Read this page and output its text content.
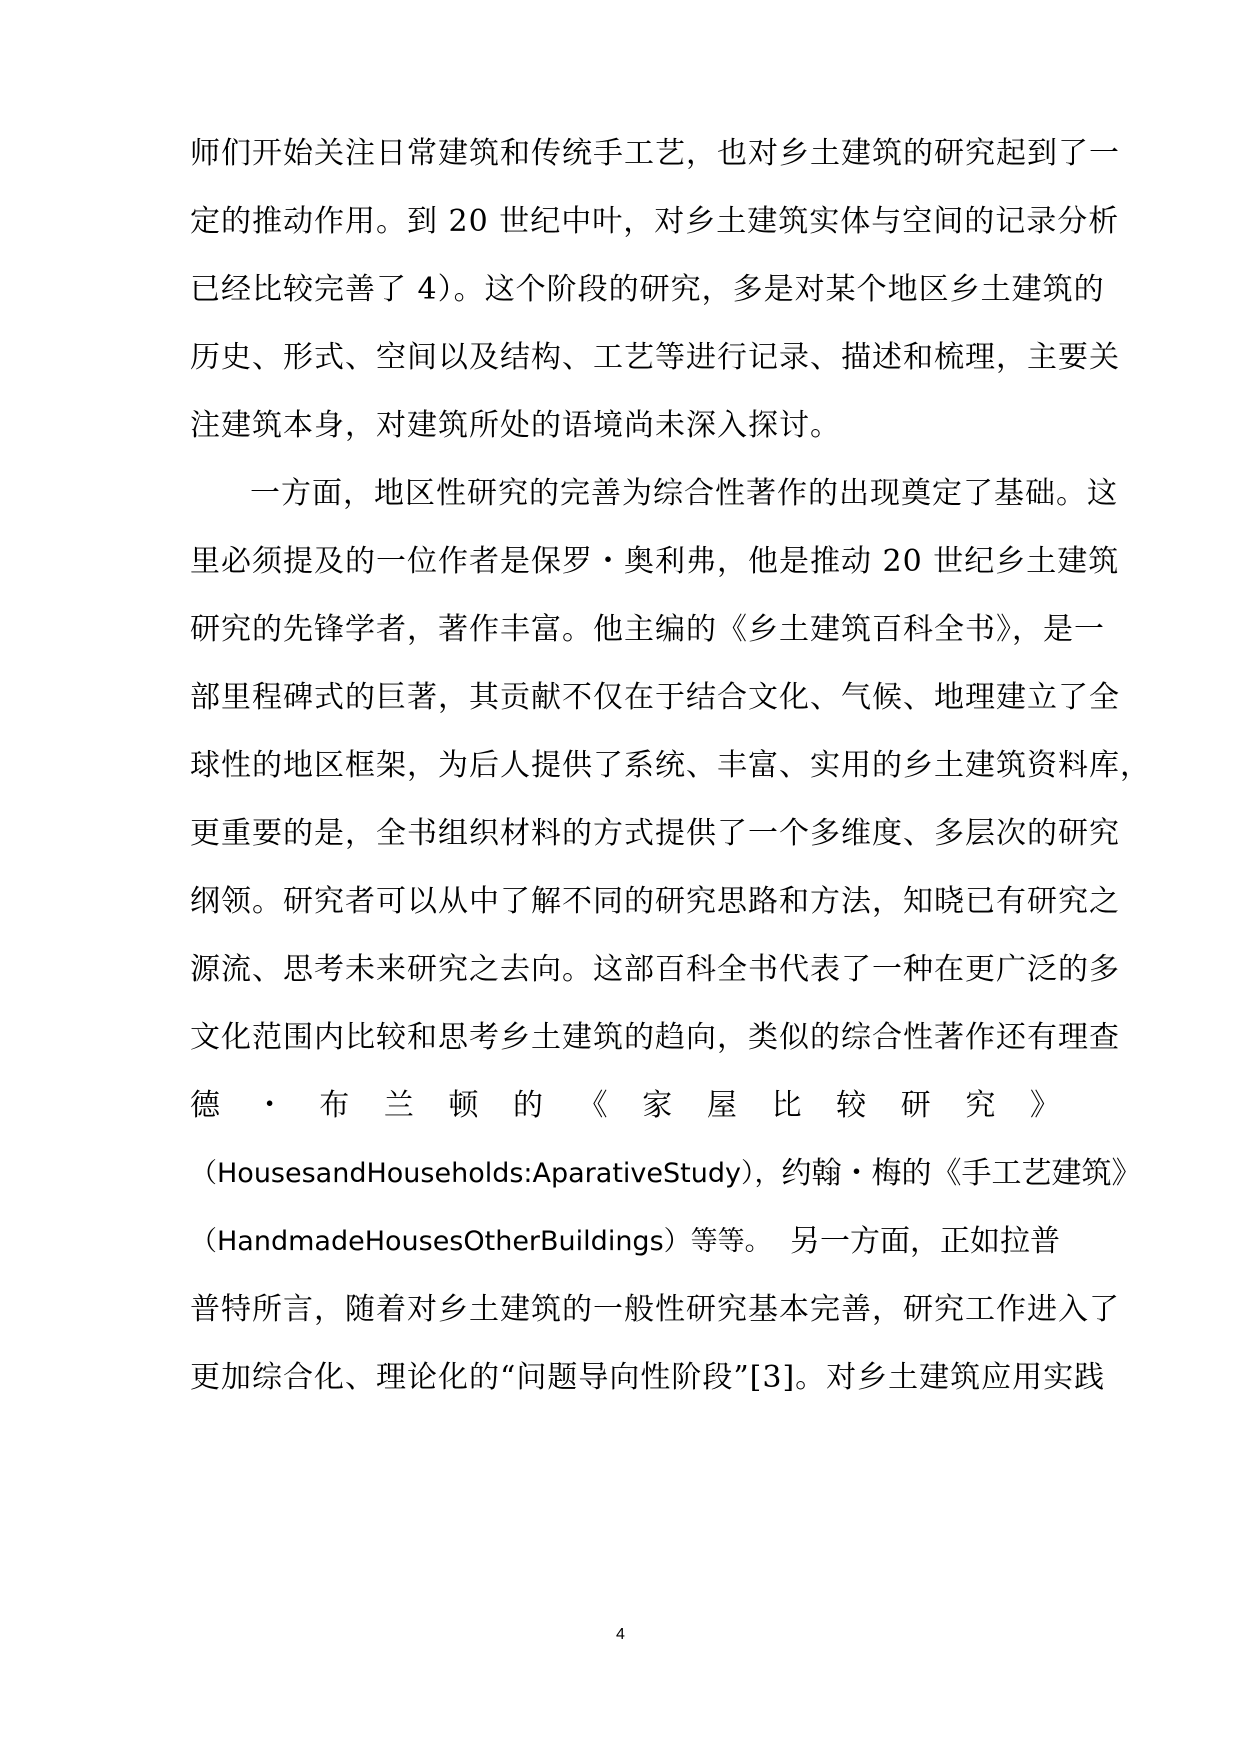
师们开始关注日常建筑和传统手工艺，也对乡土建筑的研究起到了一
定的推动作用。到 20 世纪中叶，对乡土建筑实体与空间的记录分析
已经比较完善了 4）。这个阶段的研究，多是对某个地区乡土建筑的
历史、形式、空间以及结构、工艺等进行记录、描述和梳理，主要关
注建筑本身，对建筑所处的语境尚未深入探讨。
一方面，地区性研究的完善为综合性著作的出现奠定了基础。这
里必须提及的一位作者是保罗・奥利弗，他是推动 20 世纪乡土建筑
研究的先锋学者，著作丰富。他主编的《乡土建筑百科全书》，是一
部里程碑式的巨著，其贡献不仅在于结合文化、气候、地理建立了全
球性的地区框架，为后人提供了系统、丰富、实用的乡土建筑资料库，
更重要的是，全书组织材料的方式提供了一个多维度、多层次的研究
纲领。研究者可以从中了解不同的研究思路和方法，知晓已有研究之
源流、思考未来研究之去向。这部百科全书代表了一种在更广泛的多
文化范围内比较和思考乡土建筑的趋向，类似的综合性著作还有理查
德 ・ 布 兰 顿 的 《 家 屋 比 较 研 究 》
（HousesandHouseholds:AparativeStudy）， 约翰・梅的《手工艺建筑》
（HandmadeHousesOtherBuildings）等等。 另一方面，正如拉普
普特所言，随着对乡土建筑的一般性研究基本完善，研究工作进入了
更加综合化、理论化的“问题导向性阶段”[3]。对乡土建筑应用实践
4
